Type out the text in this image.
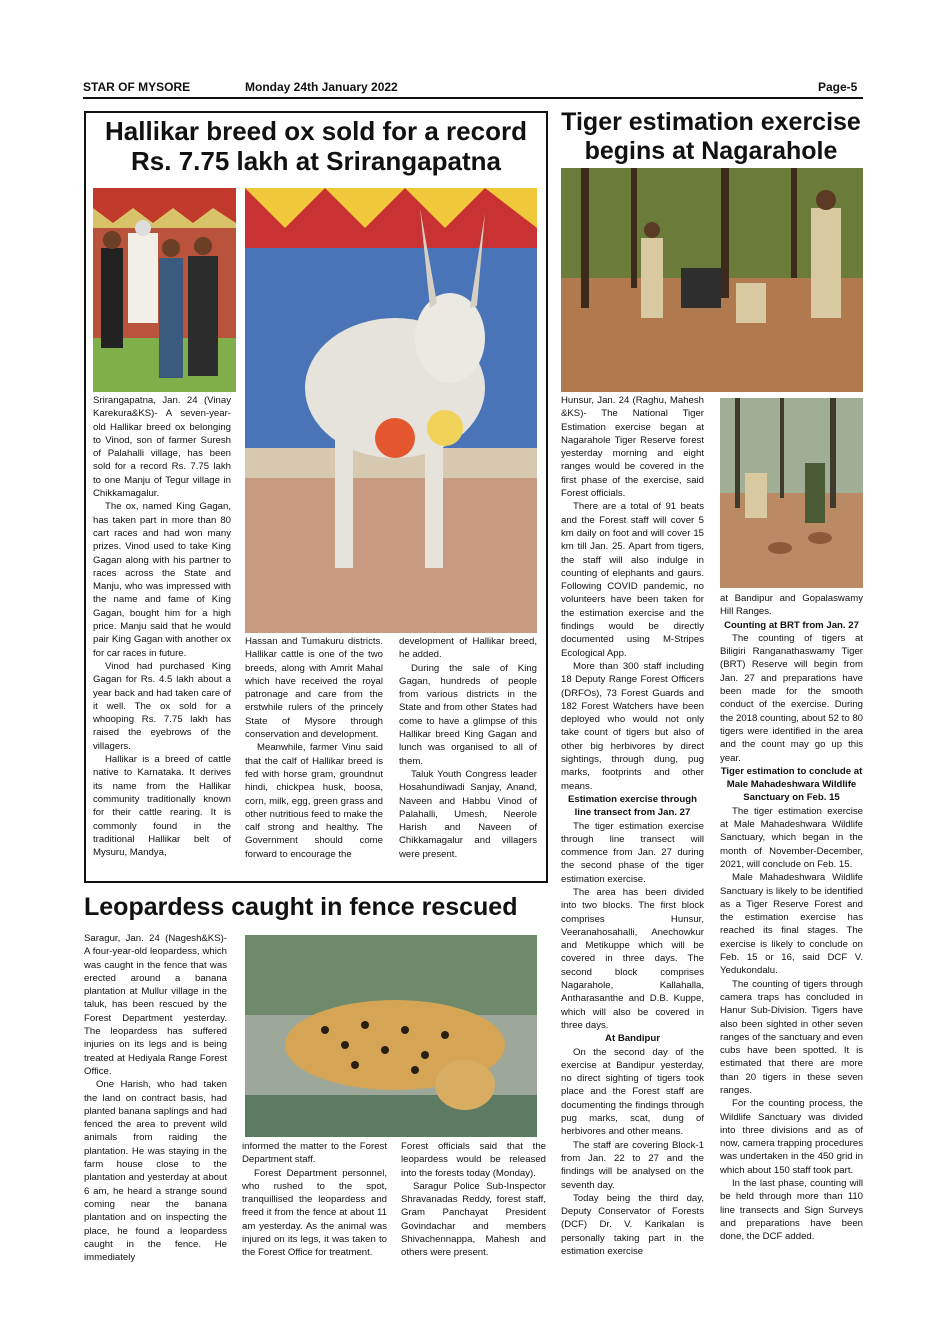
STAR OF MYSORE	Monday 24th January 2022	Page-5
Hallikar breed ox sold for a record
Rs. 7.75 lakh at Srirangapatna

Srirangapatna, Jan. 24 (Vinay Karekura&KS)- A seven-year-old Hallikar breed ox belonging to Vinod, son of farmer Suresh of Palahalli village, has been sold for a record Rs. 7.75 lakh to one Manju of Tegur village in Chikkamagalur.

The ox, named King Gagan, has taken part in more than 80 cart races and had won many prizes. Vinod used to take King Gagan along with his partner to races across the State and Manju, who was impressed with the name and fame of King Gagan, bought him for a high price. Manju said that he would pair King Gagan with another ox for car races in future.

Vinod had purchased King Gagan for Rs. 4.5 lakh about a year back and had taken care of it well. The ox sold for a whooping Rs. 7.75 lakh has raised the eyebrows of the villagers.

Hallikar is a breed of cattle native to Karnataka. It derives its name from the Hallikar community traditionally known for their cattle rearing. It is commonly found in the traditional Hallikar belt of Mysuru, Mandya,

Hassan and Tumakuru districts. Hallikar cattle is one of the two breeds, along with Amrit Mahal which have received the royal patronage and care from the erstwhile rulers of the princely State of Mysore through conservation and development.

Meanwhile, farmer Vinu said that the calf of Hallikar breed is fed with horse gram, groundnut hindi, chickpea husk, boosa, corn, milk, egg, green grass and other nutritious feed to make the calf strong and healthy. The Government should come forward to encourage the

development of Hallikar breed, he added.

During the sale of King Gagan, hundreds of people from various districts in the State and from other States had come to have a glimpse of this Hallikar breed King Gagan and lunch was organised to all of them.

Taluk Youth Congress leader Hosahundiwadi Sanjay, Anand, Naveen and Habbu Vinod of Palahalli, Umesh, Neerole Harish and Naveen of Chikkamagalur and villagers were present.

Tiger estimation exercise
begins at Nagarahole

Hunsur, Jan. 24 (Raghu, Mahesh &KS)- The National Tiger Estimation exercise began at Nagarahole Tiger Reserve forest yesterday morning and eight ranges would be covered in the first phase of the exercise, said Forest officials.

There are a total of 91 beats and the Forest staff will cover 5 km daily on foot and will cover 15 km till Jan. 25. Apart from tigers, the staff will also indulge in counting of elephants and gaurs. Following COVID pandemic, no volunteers have been taken for the estimation exercise and the findings would be directly documented using M-Stripes Ecological App.

More than 300 staff including 18 Deputy Range Forest Officers (DRFOs), 73 Forest Guards and 182 Forest Watchers have been deployed who would not only take count of tigers but also of other big herbivores by direct sightings, through dung, pug marks, footprints and other means.

Estimation exercise through line transect from Jan. 27

The tiger estimation exercise through line transect will commence from Jan. 27 during the second phase of the tiger estimation exercise.

The area has been divided into two blocks. The first block comprises Hunsur, Veeranahosahalli, Anechowkur and Metikuppe which will be covered in three days. The second block comprises Nagarahole, Kallahalla, Antharasanthe and D.B. Kuppe, which will also be covered in three days.

At Bandipur

On the second day of the exercise at Bandipur yesterday, no direct sighting of tigers took place and the Forest staff are documenting the findings through pug marks, scat, dung of herbivores and other means.

The staff are covering Block-1 from Jan. 22 to 27 and the findings will be analysed on the seventh day.

Today being the third day, Deputy Conservator of Forests (DCF) Dr. V. Karikalan is personally taking part in the estimation exercise

at Bandipur and Gopalaswamy Hill Ranges.

Counting at BRT from Jan. 27

The counting of tigers at Biligiri Ranganathaswamy Tiger (BRT) Reserve will begin from Jan. 27 and preparations have been made for the smooth conduct of the exercise. During the 2018 counting, about 52 to 80 tigers were identified in the area and the count may go up this year.

Tiger estimation to conclude at Male Mahadeshwara Wildlife Sanctuary on Feb. 15

The tiger estimation exercise at Male Mahadeshwara Wildlife Sanctuary, which began in the month of November-December, 2021, will conclude on Feb. 15.

Male Mahadeshwara Wildlife Sanctuary is likely to be identified as a Tiger Reserve Forest and the estimation exercise has reached its final stages. The exercise is likely to conclude on Feb. 15 or 16, said DCF V. Yedukondalu.

The counting of tigers through camera traps has concluded in Hanur Sub-Division. Tigers have also been sighted in other seven ranges of the sanctuary and even cubs have been spotted. It is estimated that there are more than 20 tigers in these seven ranges.

For the counting process, the Wildlife Sanctuary was divided into three divisions and as of now, camera trapping procedures was undertaken in the 450 grid in which about 150 staff took part.

In the last phase, counting will be held through more than 110 line transects and Sign Surveys and preparations have been done, the DCF added.

Leopardess caught in fence rescued

Saragur, Jan. 24 (Nagesh&KS)- A four-year-old leopardess, which was caught in the fence that was erected around a banana plantation at Mullur village in the taluk, has been rescued by the Forest Department yesterday. The leopardess has suffered injuries on its legs and is being treated at Hediyala Range Forest Office.

One Harish, who had taken the land on contract basis, had planted banana saplings and had fenced the area to prevent wild animals from raiding the plantation. He was staying in the farm house close to the plantation and yesterday at about 6 am, he heard a strange sound coming near the banana plantation and on inspecting the place, he found a leopardess caught in the fence. He immediately

informed the matter to the Forest Department staff.

Forest Department personnel, who rushed to the spot, tranquillised the leopardess and freed it from the fence at about 11 am yesterday. As the animal was injured on its legs, it was taken to the Forest Office for treatment.

Forest officials said that the leopardess would be released into the forests today (Monday).

Saragur Police Sub-Inspector Shravanadas Reddy, forest staff, Gram Panchayat President Govindachar and members Shivachennappa, Mahesh and others were present.
